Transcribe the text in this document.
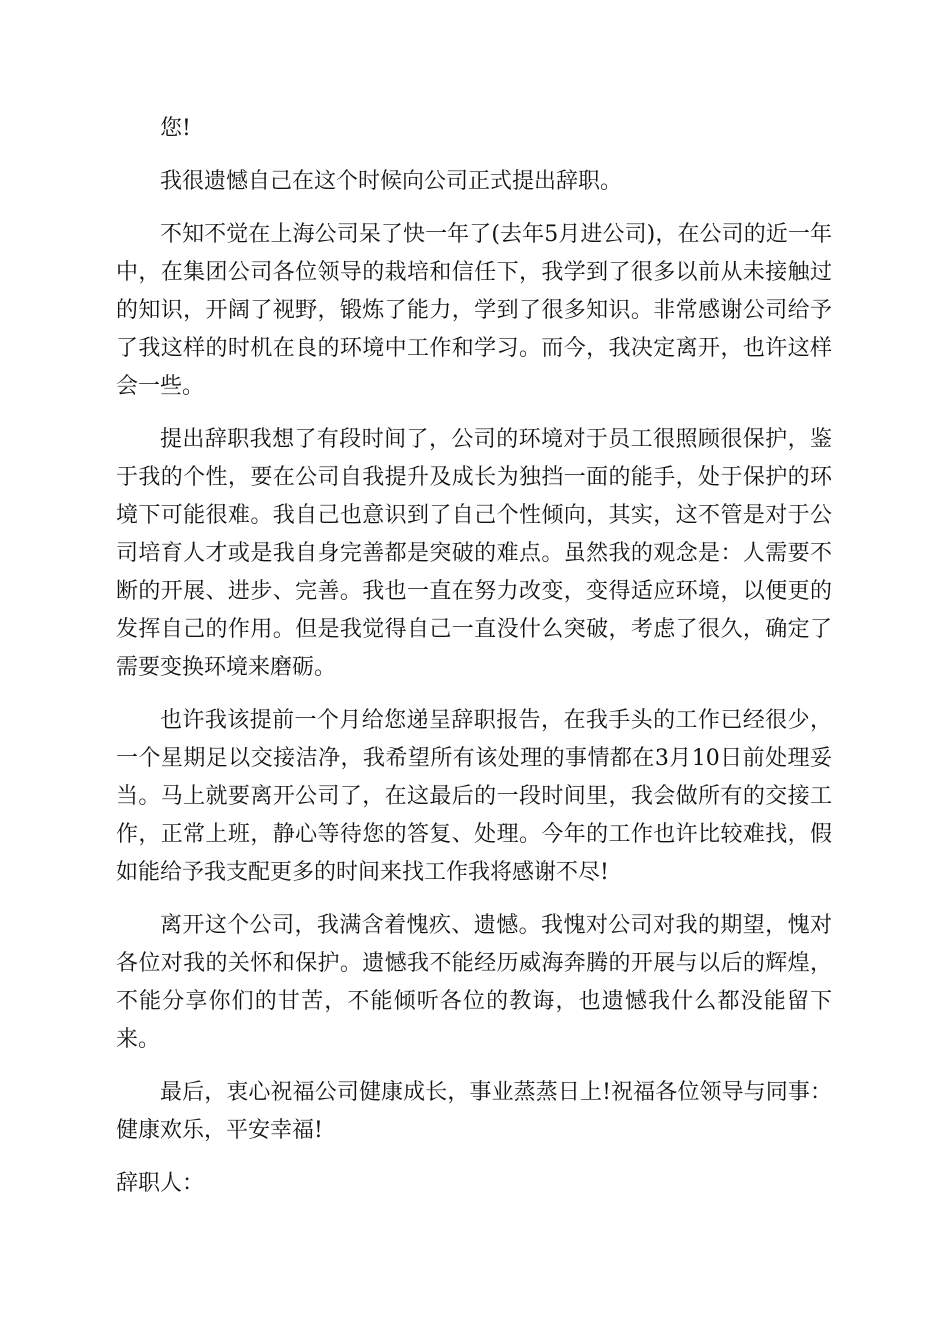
您!

我很遗憾自己在这个时候向公司正式提出辞职。

不知不觉在上海公司呆了快一年了(去年5月进公司)，在公司的近一年中，在集团公司各位领导的栽培和信任下，我学到了很多以前从未接触过的知识，开阔了视野，锻炼了能力，学到了很多知识。非常感谢公司给予了我这样的时机在良的环境中工作和学习。而今，我决定离开，也许这样会一些。

提出辞职我想了有段时间了，公司的环境对于员工很照顾很保护，鉴于我的个性，要在公司自我提升及成长为独挡一面的能手，处于保护的环境下可能很难。我自己也意识到了自己个性倾向，其实，这不管是对于公司培育人才或是我自身完善都是突破的难点。虽然我的观念是：人需要不断的开展、进步、完善。我也一直在努力改变，变得适应环境，以便更的发挥自己的作用。但是我觉得自己一直没什么突破，考虑了很久，确定了需要变换环境来磨砺。

也许我该提前一个月给您递呈辞职报告，在我手头的工作已经很少，一个星期足以交接洁净，我希望所有该处理的事情都在3月10日前处理妥当。马上就要离开公司了，在这最后的一段时间里，我会做所有的交接工作，正常上班，静心等待您的答复、处理。今年的工作也许比较难找，假如能给予我支配更多的时间来找工作我将感谢不尽!

离开这个公司，我满含着愧疚、遗憾。我愧对公司对我的期望，愧对各位对我的关怀和保护。遗憾我不能经历威海奔腾的开展与以后的辉煌，不能分享你们的甘苦，不能倾听各位的教诲，也遗憾我什么都没能留下来。

最后，衷心祝福公司健康成长，事业蒸蒸日上!祝福各位领导与同事：健康欢乐，平安幸福!

辞职人：
